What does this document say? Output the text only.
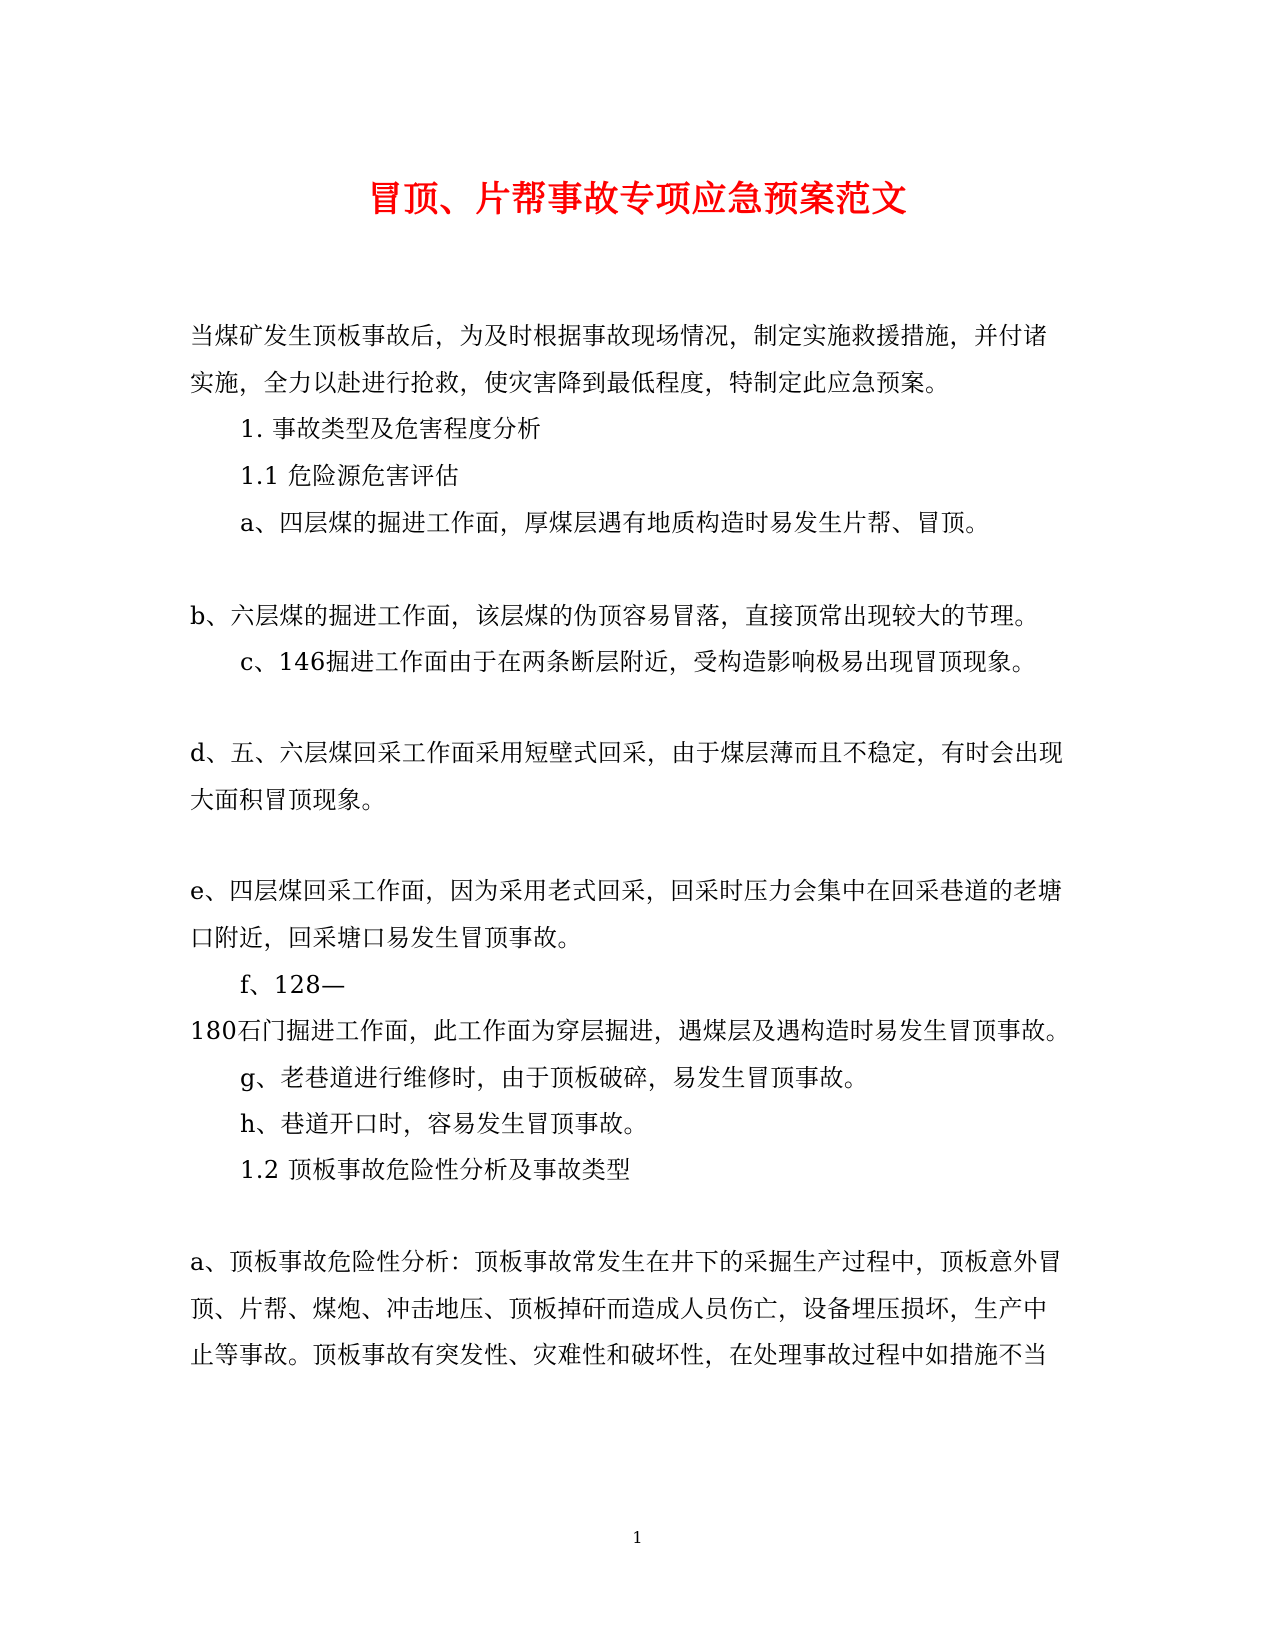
冒顶、片帮事故专项应急预案范文
当煤矿发生顶板事故后，为及时根据事故现场情况，制定实施救援措施，并付诸
实施，全力以赴进行抢救，使灾害降到最低程度，特制定此应急预案。
1. 事故类型及危害程度分析
1.1 危险源危害评估
a、四层煤的掘进工作面，厚煤层遇有地质构造时易发生片帮、冒顶。
b、六层煤的掘进工作面，该层煤的伪顶容易冒落，直接顶常出现较大的节理。
c、146掘进工作面由于在两条断层附近，受构造影响极易出现冒顶现象。
d、五、六层煤回采工作面采用短壁式回采，由于煤层薄而且不稳定，有时会出现
大面积冒顶现象。
e、四层煤回采工作面，因为采用老式回采，回采时压力会集中在回采巷道的老塘
口附近，回采塘口易发生冒顶事故。
f、128—
180石门掘进工作面，此工作面为穿层掘进，遇煤层及遇构造时易发生冒顶事故。
g、老巷道进行维修时，由于顶板破碎，易发生冒顶事故。
h、巷道开口时，容易发生冒顶事故。
1.2 顶板事故危险性分析及事故类型
a、顶板事故危险性分析：顶板事故常发生在井下的采掘生产过程中，顶板意外冒
顶、片帮、煤炮、冲击地压、顶板掉矸而造成人员伤亡，设备埋压损坏，生产中
止等事故。顶板事故有突发性、灾难性和破坏性，在处理事故过程中如措施不当
1
